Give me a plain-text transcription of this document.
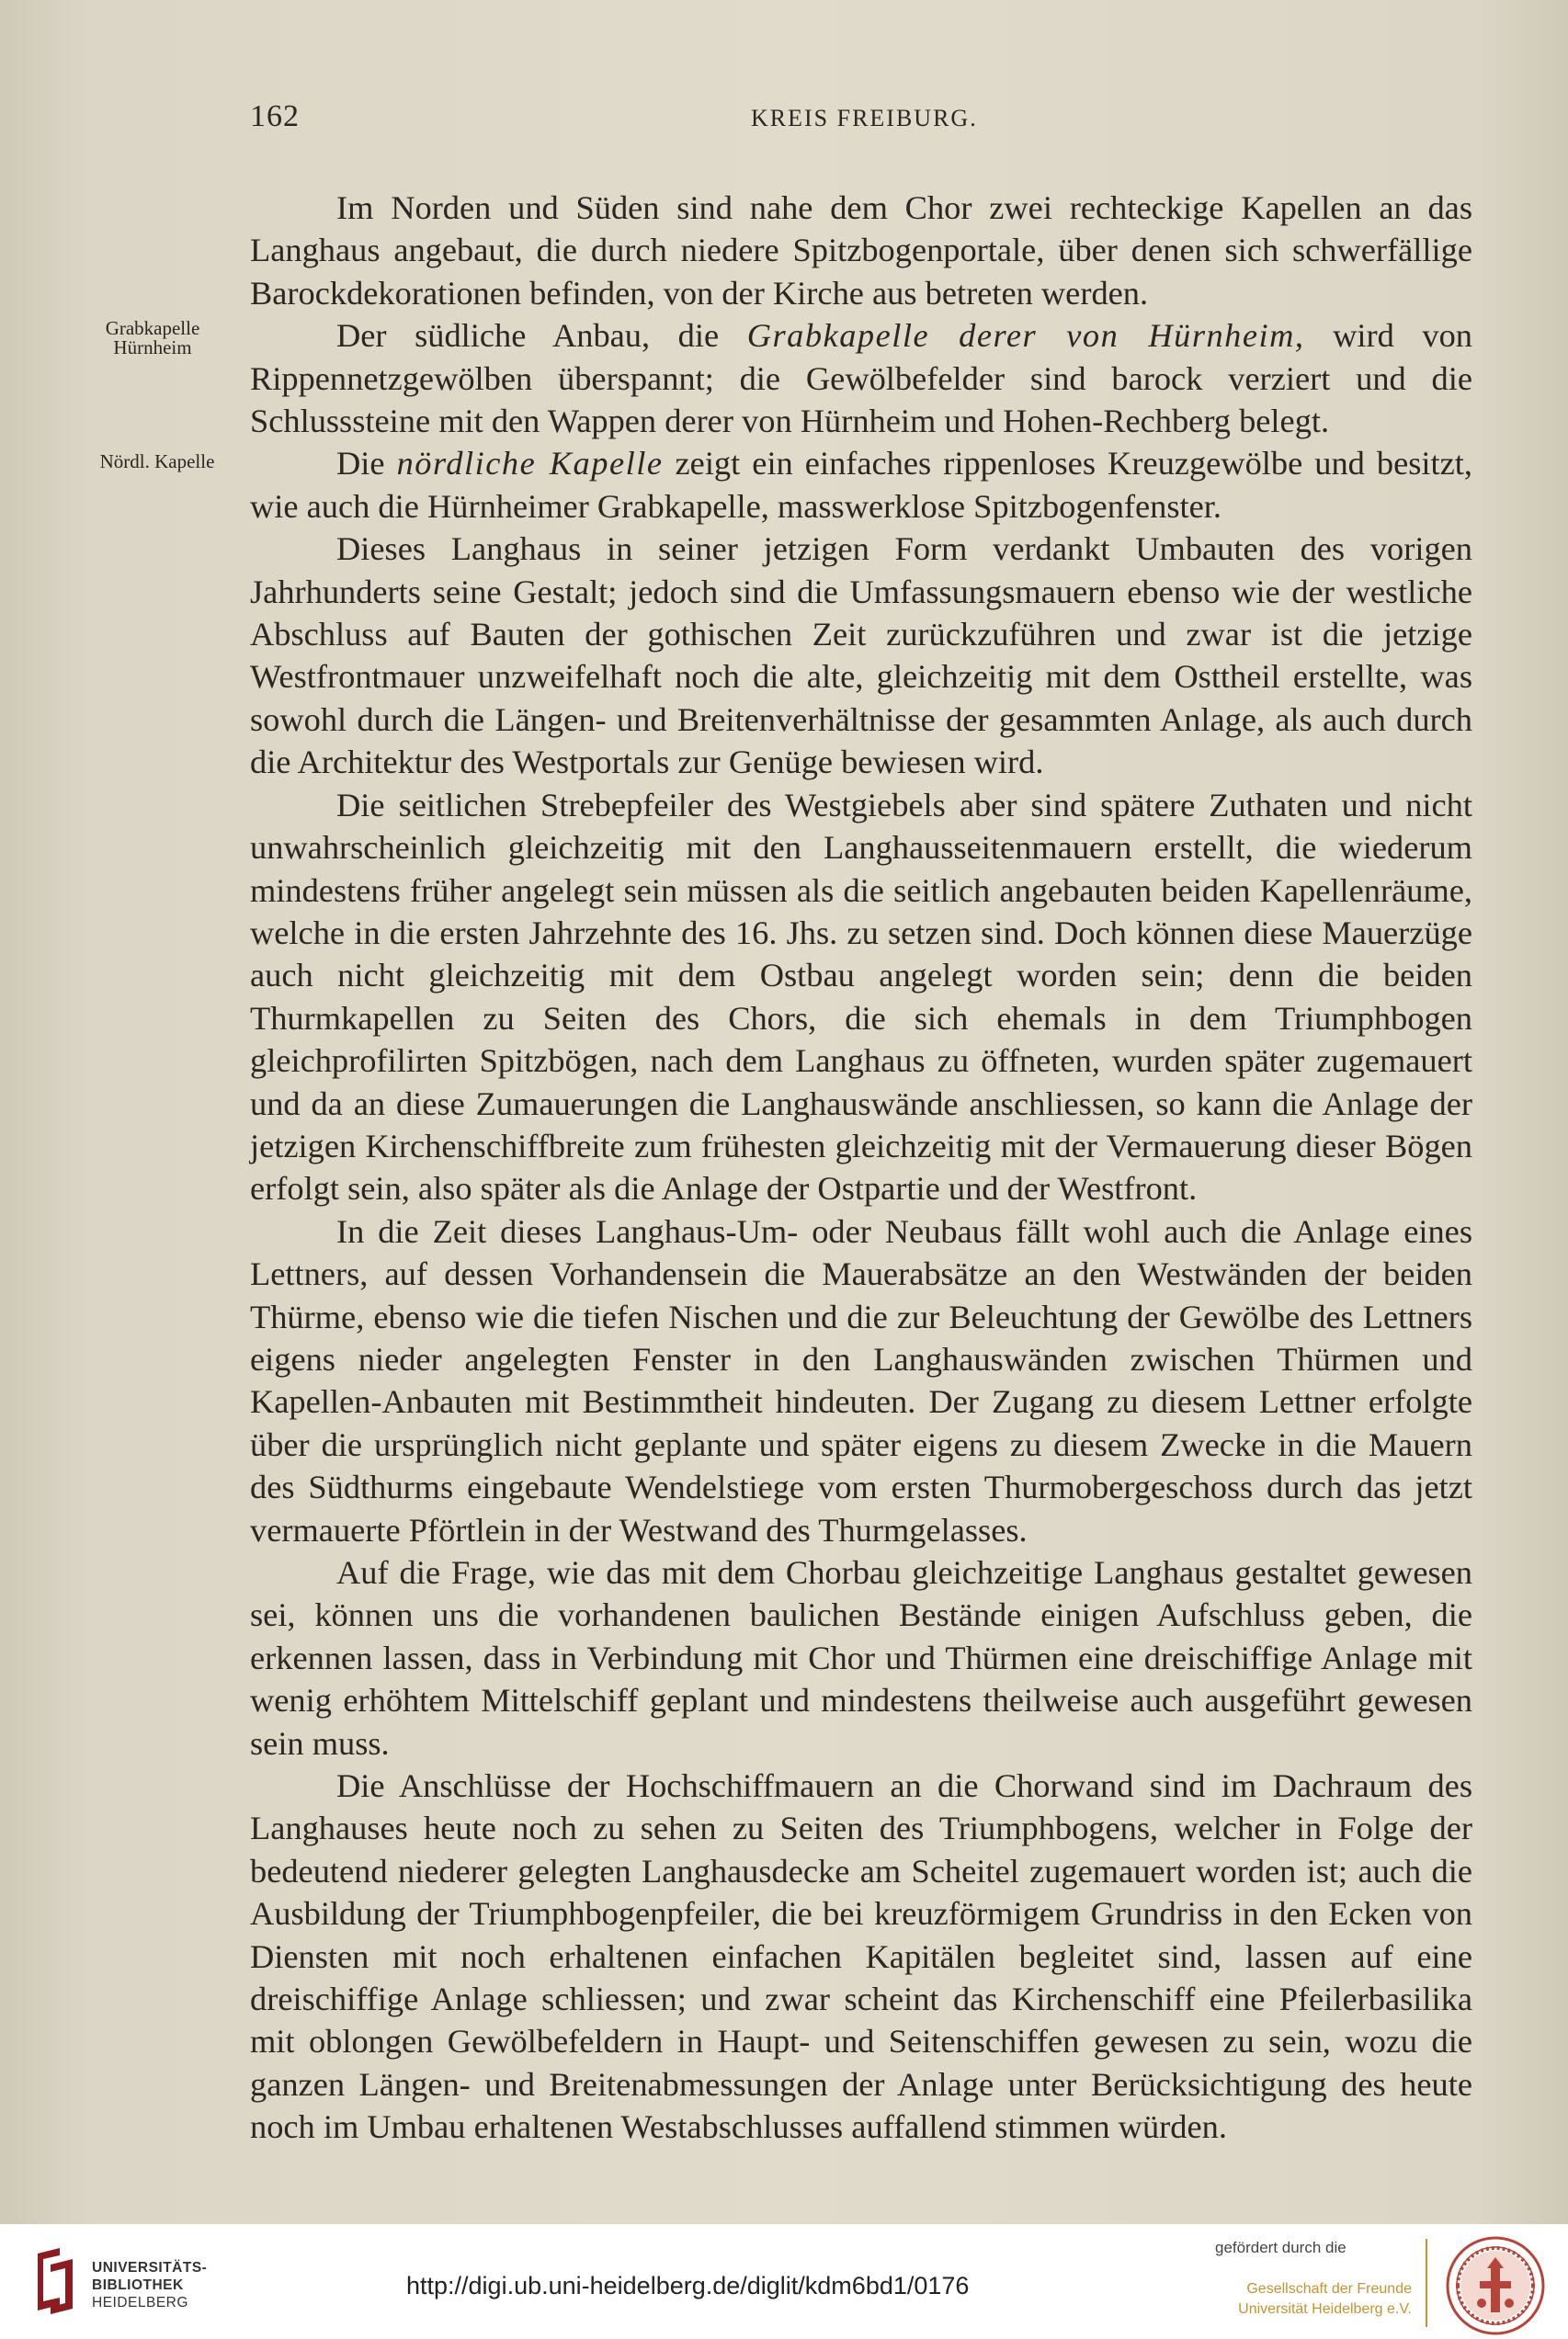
162	KREIS FREIBURG.
Grabkapelle
Hürnheim
Nördl. Kapelle

Im Norden und Süden sind nahe dem Chor zwei rechteckige Kapellen an das Langhaus angebaut, die durch niedere Spitzbogenportale, über denen sich schwerfällige Barockdekorationen befinden, von der Kirche aus betreten werden.

Der südliche Anbau, die Grabkapelle derer von Hürnheim, wird von Rippennetzgewölben überspannt; die Gewölbefelder sind barock verziert und die Schlusssteine mit den Wappen derer von Hürnheim und Hohen-Rechberg belegt.

Die nördliche Kapelle zeigt ein einfaches rippenloses Kreuzgewölbe und besitzt, wie auch die Hürnheimer Grabkapelle, masswerklose Spitzbogenfenster.

Dieses Langhaus in seiner jetzigen Form verdankt Umbauten des vorigen Jahrhunderts seine Gestalt; jedoch sind die Umfassungsmauern ebenso wie der westliche Abschluss auf Bauten der gothischen Zeit zurückzuführen und zwar ist die jetzige Westfrontmauer unzweifelhaft noch die alte, gleichzeitig mit dem Osttheil erstellte, was sowohl durch die Längen- und Breitenverhältnisse der gesammten Anlage, als auch durch die Architektur des Westportals zur Genüge bewiesen wird.

Die seitlichen Strebepfeiler des Westgiebels aber sind spätere Zuthaten und nicht unwahrscheinlich gleichzeitig mit den Langhausseitenmauern erstellt, die wiederum mindestens früher angelegt sein müssen als die seitlich angebauten beiden Kapellenräume, welche in die ersten Jahrzehnte des 16. Jhs. zu setzen sind. Doch können diese Mauerzüge auch nicht gleichzeitig mit dem Ostbau angelegt worden sein; denn die beiden Thurmkapellen zu Seiten des Chors, die sich ehemals in dem Triumphbogen gleichprofilirten Spitzbögen, nach dem Langhaus zu öffneten, wurden später zugemauert und da an diese Zumauerungen die Langhauswände anschliessen, so kann die Anlage der jetzigen Kirchenschiffbreite zum frühesten gleichzeitig mit der Vermauerung dieser Bögen erfolgt sein, also später als die Anlage der Ostpartie und der Westfront.

In die Zeit dieses Langhaus-Um- oder Neubaus fällt wohl auch die Anlage eines Lettners, auf dessen Vorhandensein die Mauerabsätze an den Westwänden der beiden Thürme, ebenso wie die tiefen Nischen und die zur Beleuchtung der Gewölbe des Lettners eigens nieder angelegten Fenster in den Langhauswänden zwischen Thürmen und Kapellen-Anbauten mit Bestimmtheit hindeuten. Der Zugang zu diesem Lettner erfolgte über die ursprünglich nicht geplante und später eigens zu diesem Zwecke in die Mauern des Südthurms eingebaute Wendelstiege vom ersten Thurmobergeschoss durch das jetzt vermauerte Pförtlein in der Westwand des Thurmgelasses.

Auf die Frage, wie das mit dem Chorbau gleichzeitige Langhaus gestaltet gewesen sei, können uns die vorhandenen baulichen Bestände einigen Aufschluss geben, die erkennen lassen, dass in Verbindung mit Chor und Thürmen eine dreischiffige Anlage mit wenig erhöhtem Mittelschiff geplant und mindestens theilweise auch ausgeführt gewesen sein muss.

Die Anschlüsse der Hochschiffmauern an die Chorwand sind im Dachraum des Langhauses heute noch zu sehen zu Seiten des Triumphbogens, welcher in Folge der bedeutend niederer gelegten Langhausdecke am Scheitel zugemauert worden ist; auch die Ausbildung der Triumphbogenpfeiler, die bei kreuzförmigem Grundriss in den Ecken von Diensten mit noch erhaltenen einfachen Kapitälen begleitet sind, lassen auf eine dreischiffige Anlage schliessen; und zwar scheint das Kirchenschiff eine Pfeilerbasilika mit oblongen Gewölbefeldern in Haupt- und Seitenschiffen gewesen zu sein, wozu die ganzen Längen- und Breitenabmessungen der Anlage unter Berücksichtigung des heute noch im Umbau erhaltenen Westabschlusses auffallend stimmen würden.

UNIVERSITÄTS-
BIBLIOTHEK
HEIDELBERG
http://digi.ub.uni-heidelberg.de/diglit/kdm6bd1/0176
gefördert durch die
Gesellschaft der Freunde
Universität Heidelberg e.V.
